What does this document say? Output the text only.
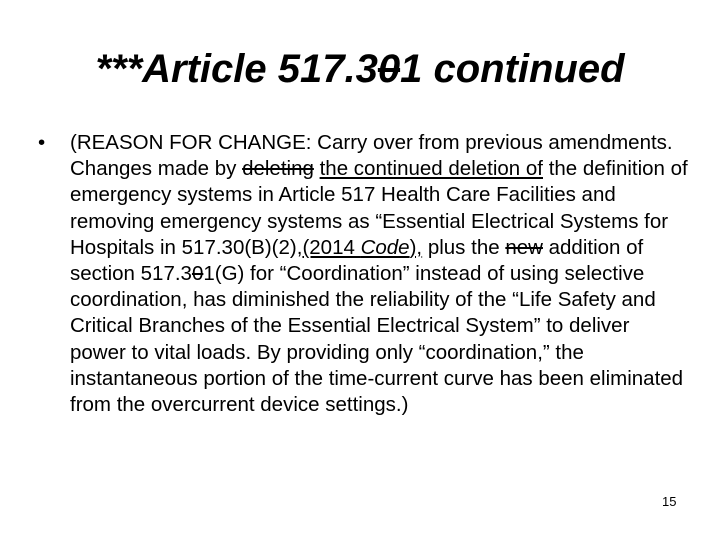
***Article 517.301 continued
• (REASON FOR CHANGE: Carry over from previous amendments. Changes made by deleting the continued deletion of the definition of emergency systems in Article 517 Health Care Facilities and removing emergency systems as “Essential Electrical Systems for Hospitals in 517.30(B)(2),(2014 Code), plus the new addition of section 517.301(G) for “Coordination” instead of using selective coordination, has diminished the reliability of the “Life Safety and Critical Branches of the Essential Electrical System” to deliver power to vital loads. By providing only “coordination,” the instantaneous portion of the time-current curve has been eliminated from the overcurrent device settings.)
15
